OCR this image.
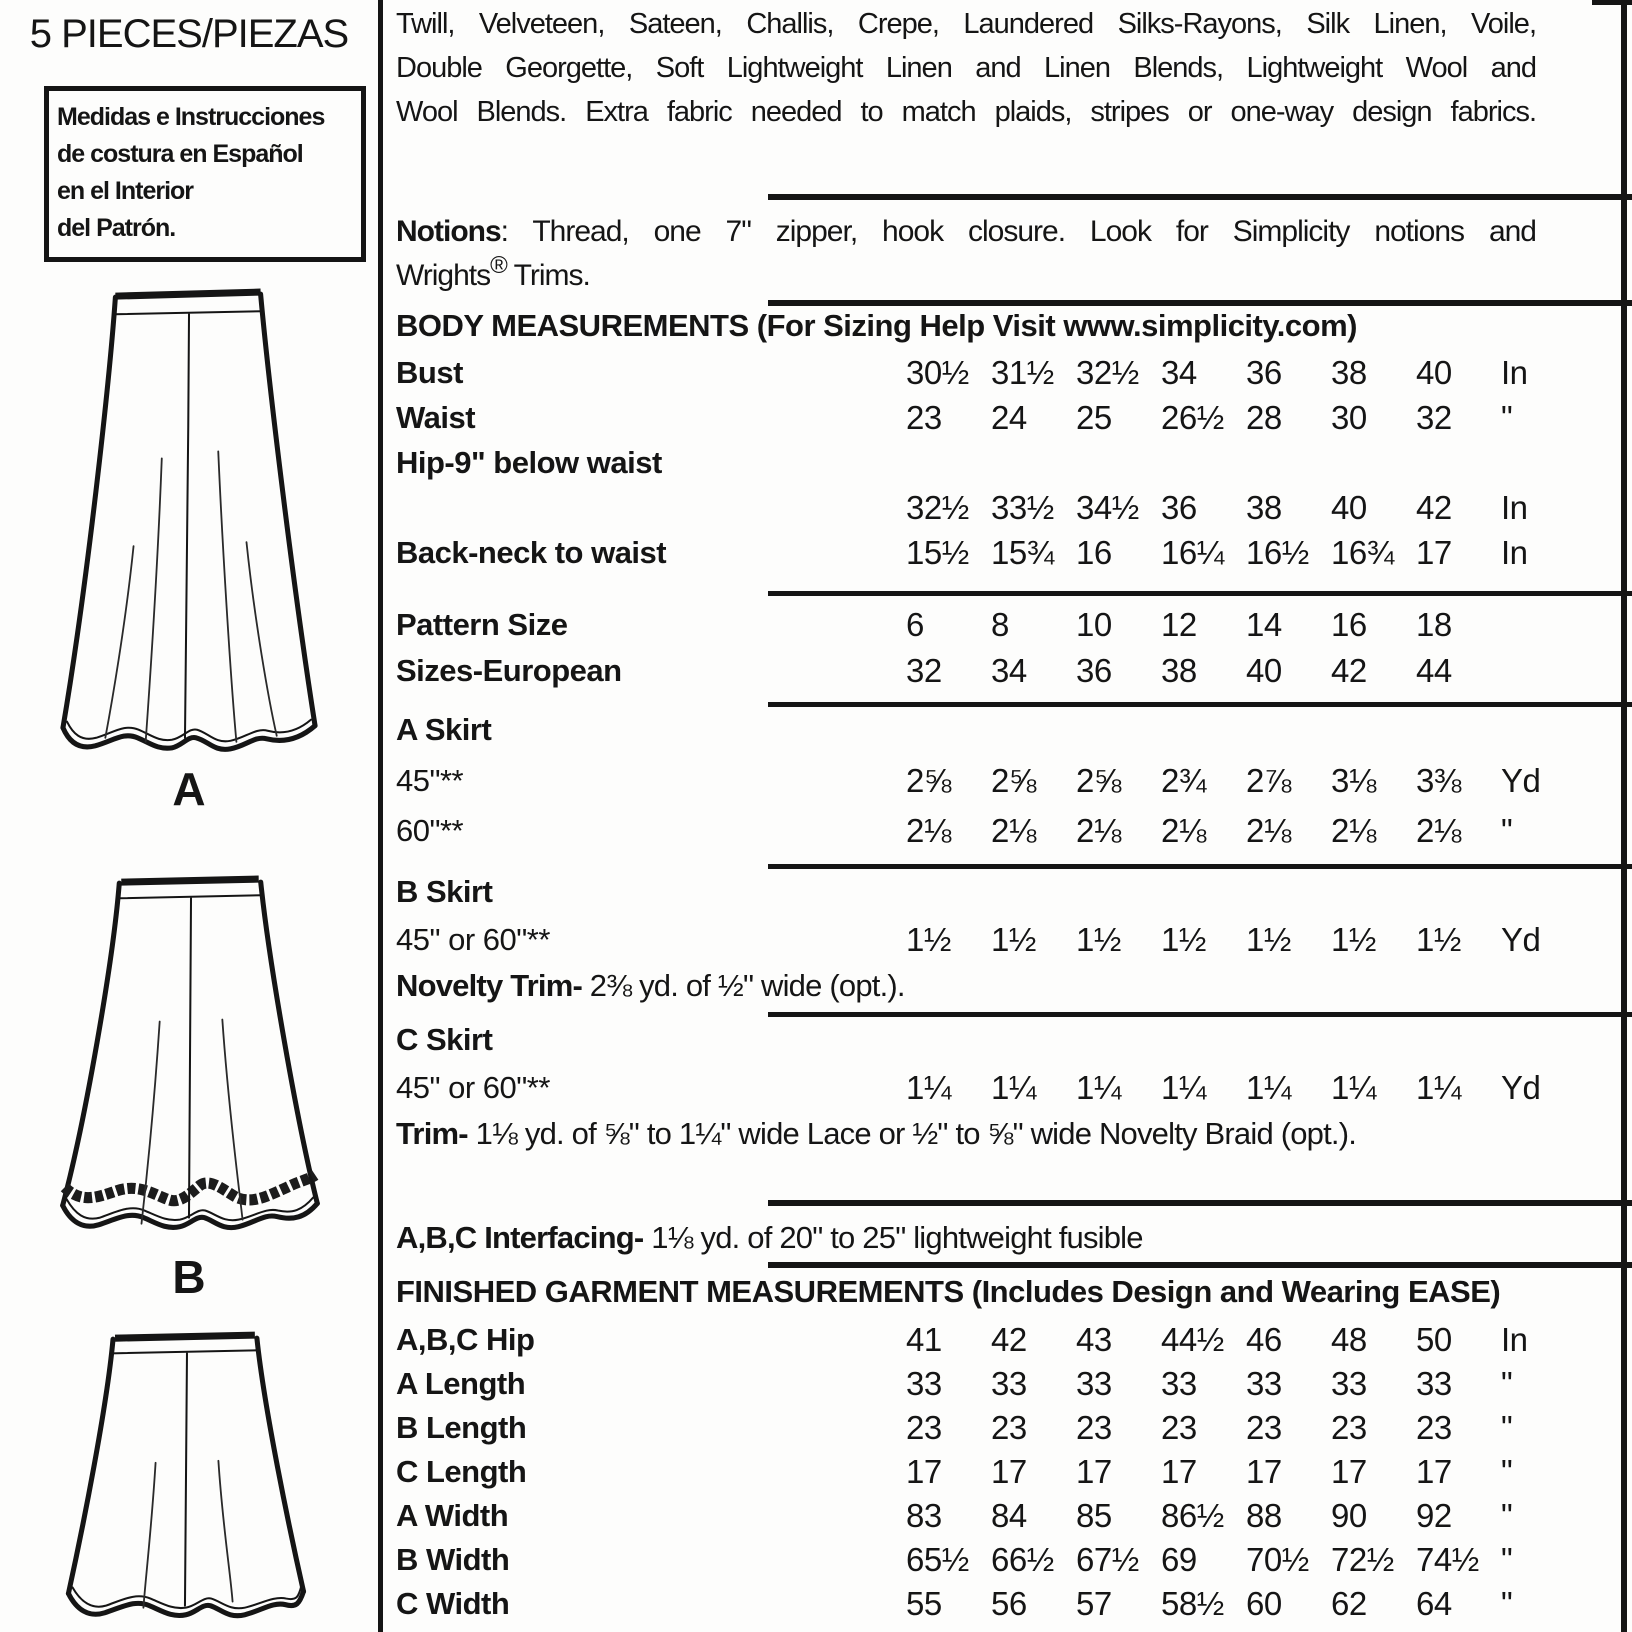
5 PIECES/PIEZAS
Medidas e Instrucciones
de costura en Español
en el Interior
del Patrón.
A
B
Twill, Velveteen, Sateen, Challis, Crepe, Laundered Silks-Rayons, Silk Linen, Voile,
Double Georgette, Soft Lightweight Linen and Linen Blends, Lightweight Wool and
Wool Blends. Extra fabric needed to match plaids, stripes or one-way design fabrics.
Notions: Thread, one 7" zipper, hook closure. Look for Simplicity notions and
Wrights® Trims.
BODY MEASUREMENTS (For Sizing Help Visit www.simplicity.com)
Bust	30½ 31½ 32½ 34	36	38	40	In
Waist	23	24	25	26½ 28	30	32	"
Hip-9" below waist
32½ 33½ 34½ 36	38	40	42	In
Back-neck to waist	15½ 15¾ 16	16¼ 16½ 16¾ 17	In
Pattern Size	6	8	10	12	14	16	18
Sizes-European	32	34	36	38	40	42	44
A Skirt
45"**	2⅝	2⅝	2⅝	2¾	2⅞	3⅛	3⅜	Yd
60"**	2⅛	2⅛	2⅛	2⅛	2⅛	2⅛	2⅛	"
B Skirt
45" or 60"**	1½	1½	1½	1½	1½	1½	1½	Yd
Novelty Trim- 2⅜ yd. of ½" wide (opt.).
C Skirt
45" or 60"**	1¼	1¼	1¼	1¼	1¼	1¼	1¼	Yd
Trim- 1⅛ yd. of ⅝" to 1¼" wide Lace or ½" to ⅝" wide Novelty Braid (opt.).
A,B,C Interfacing- 1⅛ yd. of 20" to 25" lightweight fusible
FINISHED GARMENT MEASUREMENTS (Includes Design and Wearing EASE)
A,B,C Hip	41	42	43	44½ 46	48	50	In
A Length	33	33	33	33	33	33	33	"
B Length	23	23	23	23	23	23	23	"
C Length	17	17	17	17	17	17	17	"
A Width	83	84	85	86½ 88	90	92	"
B Width	65½ 66½ 67½ 69	70½ 72½ 74½ "
C Width	55	56	57	58½ 60	62	64	"
